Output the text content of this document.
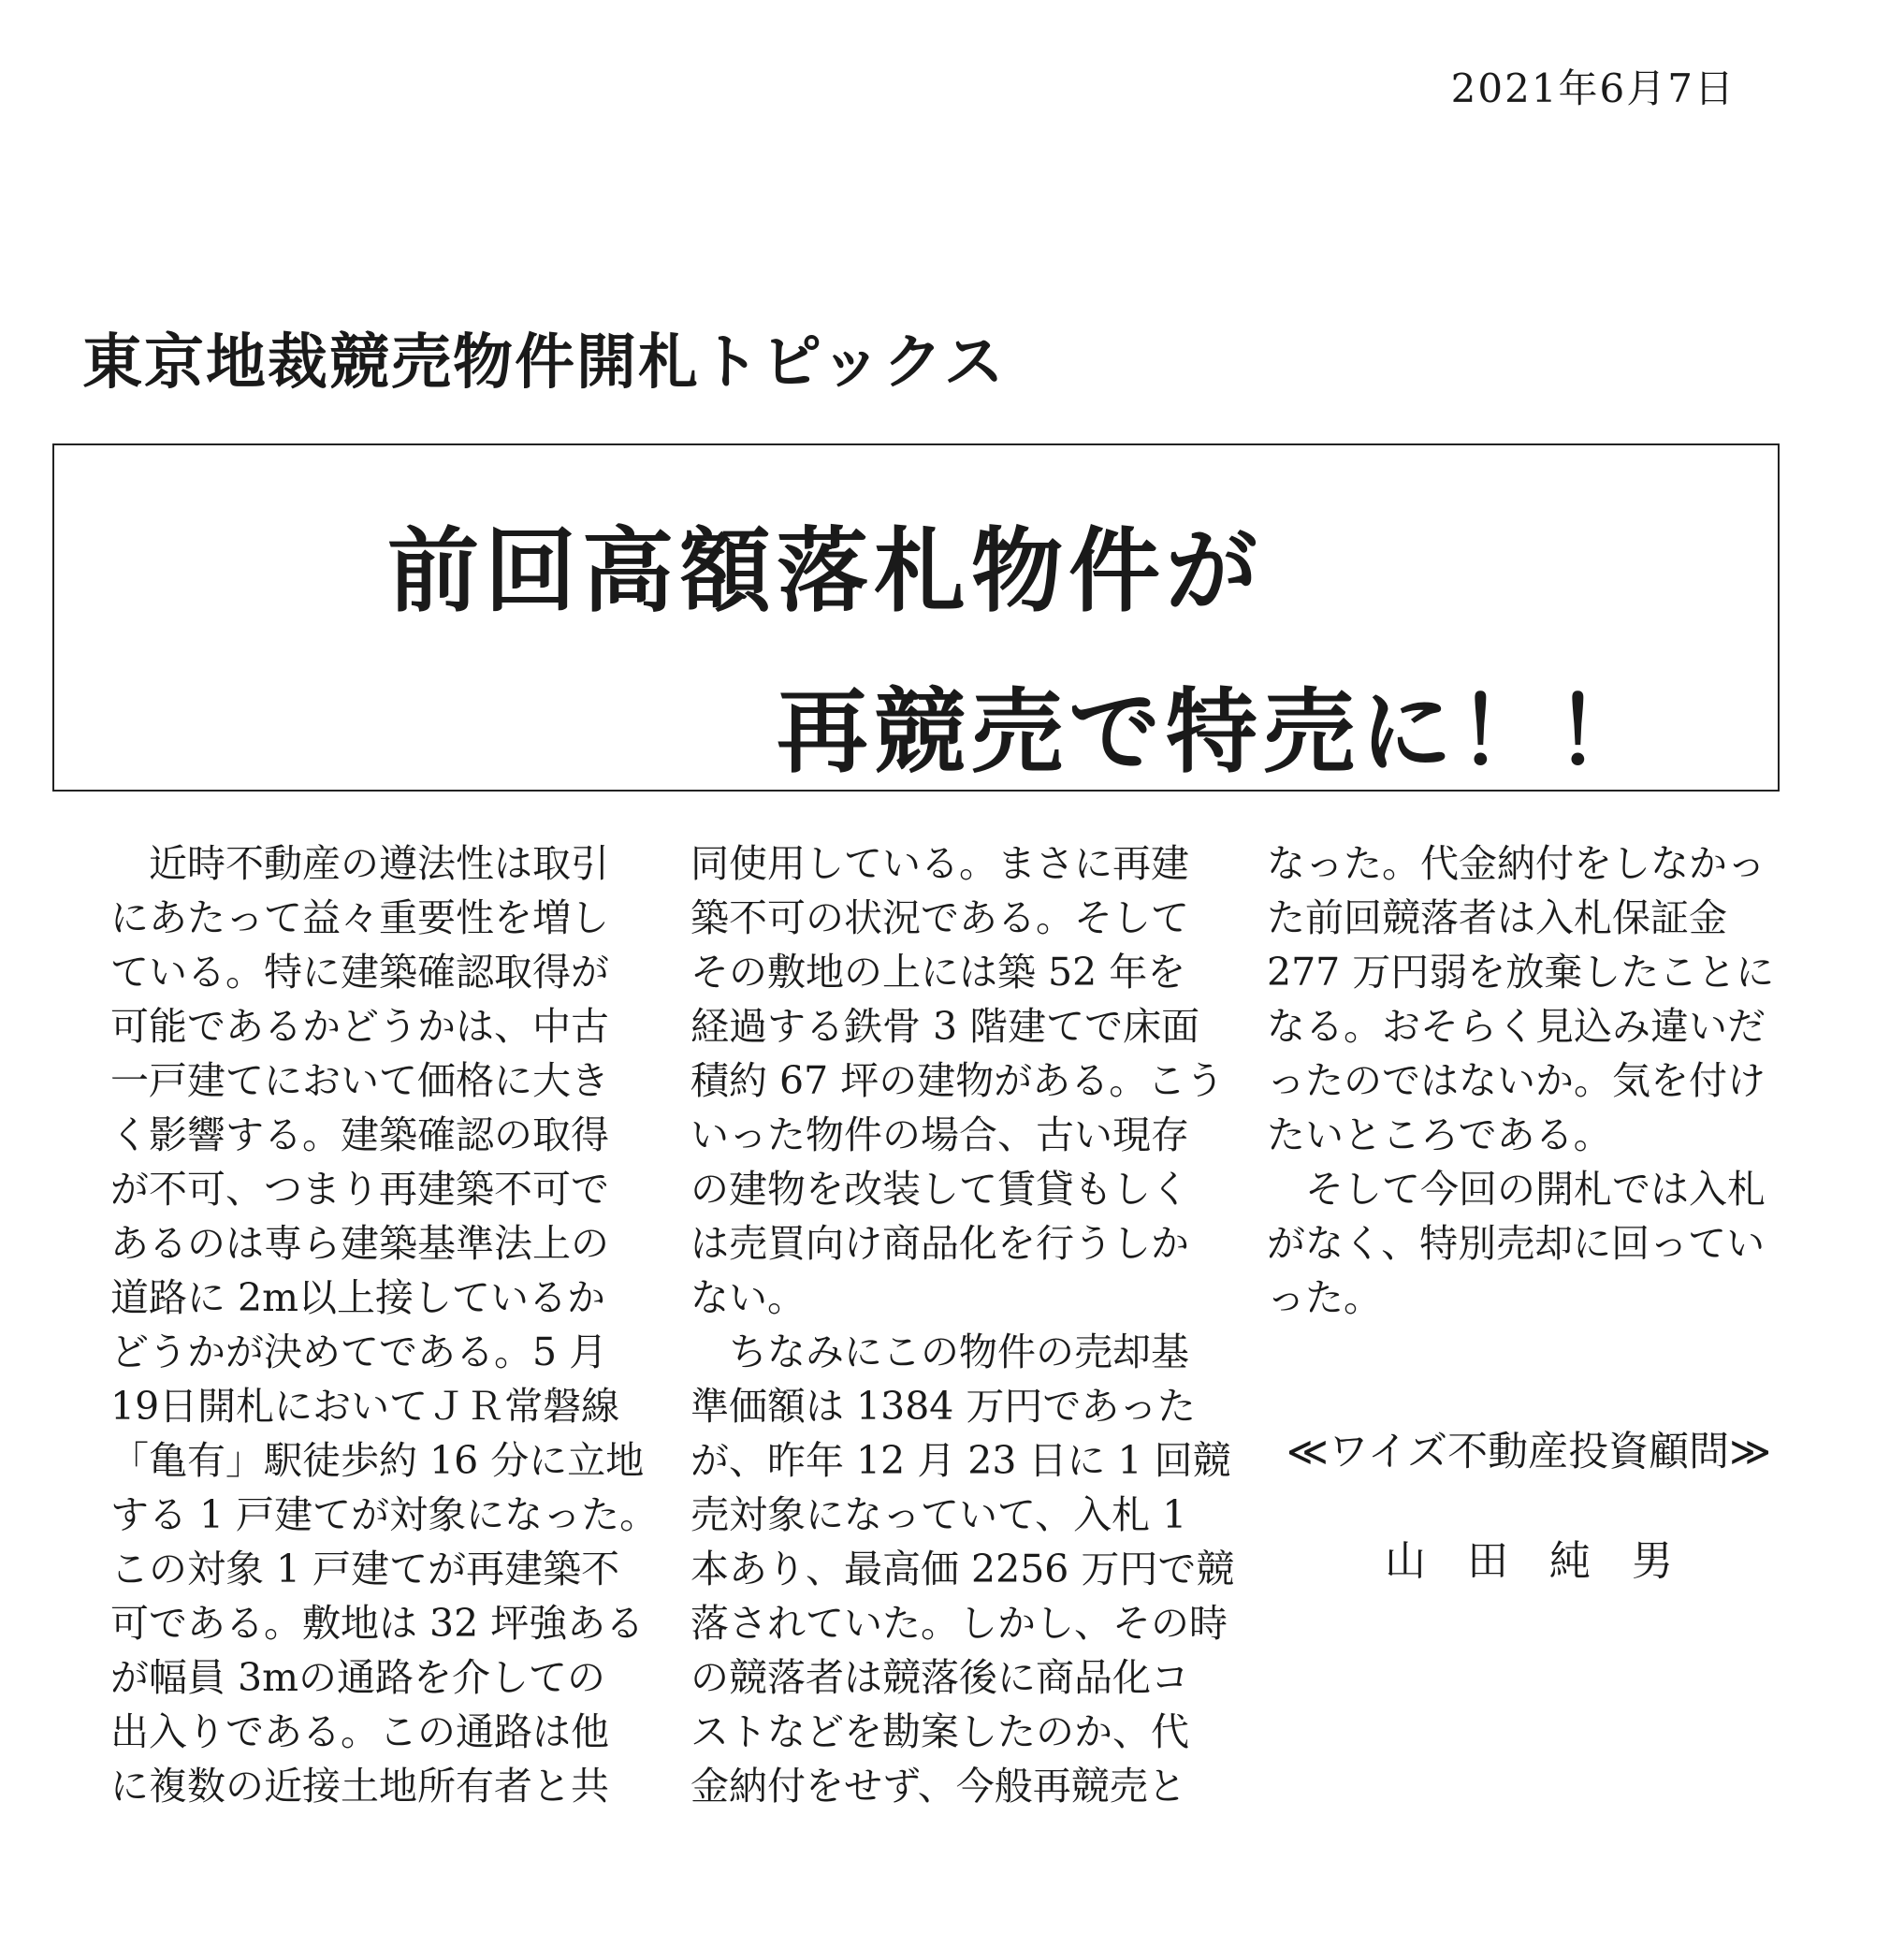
2021年6月7日
東京地裁競売物件開札トピックス
前回高額落札物件が
再競売で特売に！！
　近時不動産の遵法性は取引
にあたって益々重要性を増し
ている。特に建築確認取得が
可能であるかどうかは、中古
一戸建てにおいて価格に大き
く影響する。建築確認の取得
が不可、つまり再建築不可で
あるのは専ら建築基準法上の
道路に 2m以上接しているか
どうかが決めてである。5 月
19日開札においてＪＲ常磐線
「亀有」駅徒歩約 16 分に立地
する 1 戸建てが対象になった。
この対象 1 戸建てが再建築不
可である。敷地は 32 坪強ある
が幅員 3mの通路を介しての
出入りである。この通路は他
に複数の近接土地所有者と共
同使用している。まさに再建
築不可の状況である。そして
その敷地の上には築 52 年を
経過する鉄骨 3 階建てで床面
積約 67 坪の建物がある。こう
いった物件の場合、古い現存
の建物を改装して賃貸もしく
は売買向け商品化を行うしか
ない。
　ちなみにこの物件の売却基
準価額は 1384 万円であった
が、昨年 12 月 23 日に 1 回競
売対象になっていて、入札 1
本あり、最高価 2256 万円で競
落されていた。しかし、その時
の競落者は競落後に商品化コ
ストなどを勘案したのか、代
金納付をせず、今般再競売と
なった。代金納付をしなかっ
た前回競落者は入札保証金
277 万円弱を放棄したことに
なる。おそらく見込み違いだ
ったのではないか。気を付け
たいところである。
　そして今回の開札では入札
がなく、特別売却に回ってい
った。
≪ワイズ不動産投資顧問≫
山田純男
